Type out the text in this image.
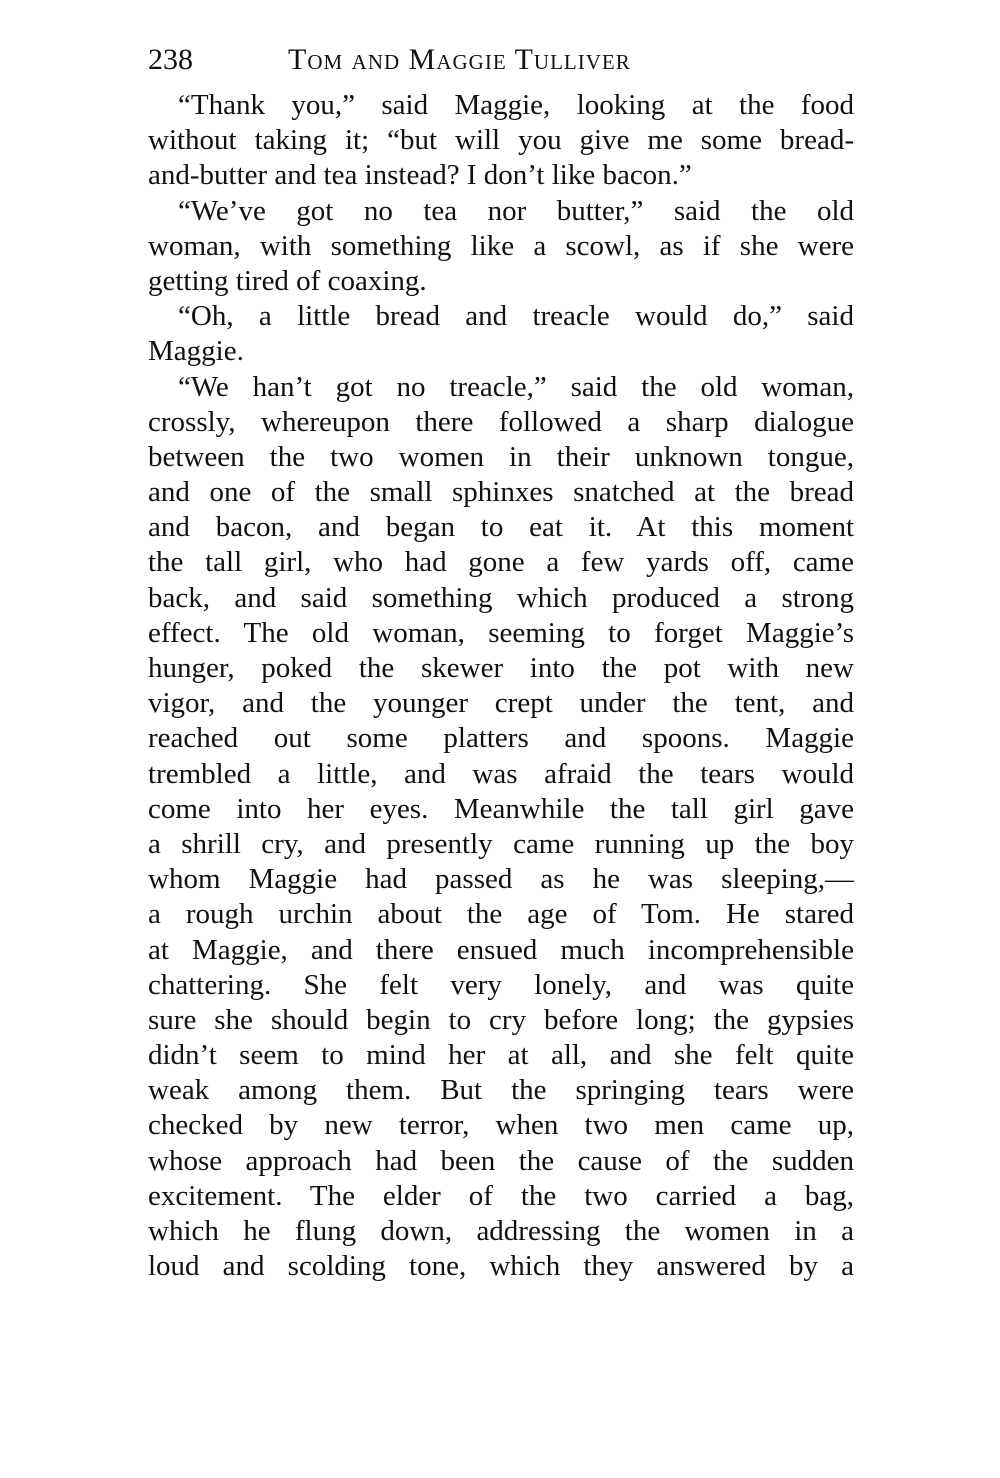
238	Tom and Maggie Tulliver
“Thank you,” said Maggie, looking at the food
without taking it; “but will you give me some bread-
and-butter and tea instead? I don’t like bacon.”
“We’ve got no tea nor butter,” said the old
woman, with something like a scowl, as if she were
getting tired of coaxing.
“Oh, a little bread and treacle would do,” said
Maggie.
“We han’t got no treacle,” said the old woman,
crossly, whereupon there followed a sharp dialogue
between the two women in their unknown tongue,
and one of the small sphinxes snatched at the bread
and bacon, and began to eat it. At this moment
the tall girl, who had gone a few yards off, came
back, and said something which produced a strong
effect. The old woman, seeming to forget Maggie’s
hunger, poked the skewer into the pot with new
vigor, and the younger crept under the tent, and
reached out some platters and spoons. Maggie
trembled a little, and was afraid the tears would
come into her eyes. Meanwhile the tall girl gave
a shrill cry, and presently came running up the boy
whom Maggie had passed as he was sleeping,—
a rough urchin about the age of Tom. He stared
at Maggie, and there ensued much incomprehensible
chattering. She felt very lonely, and was quite
sure she should begin to cry before long; the gypsies
didn’t seem to mind her at all, and she felt quite
weak among them. But the springing tears were
checked by new terror, when two men came up,
whose approach had been the cause of the sudden
excitement. The elder of the two carried a bag,
which he flung down, addressing the women in a
loud and scolding tone, which they answered by a
